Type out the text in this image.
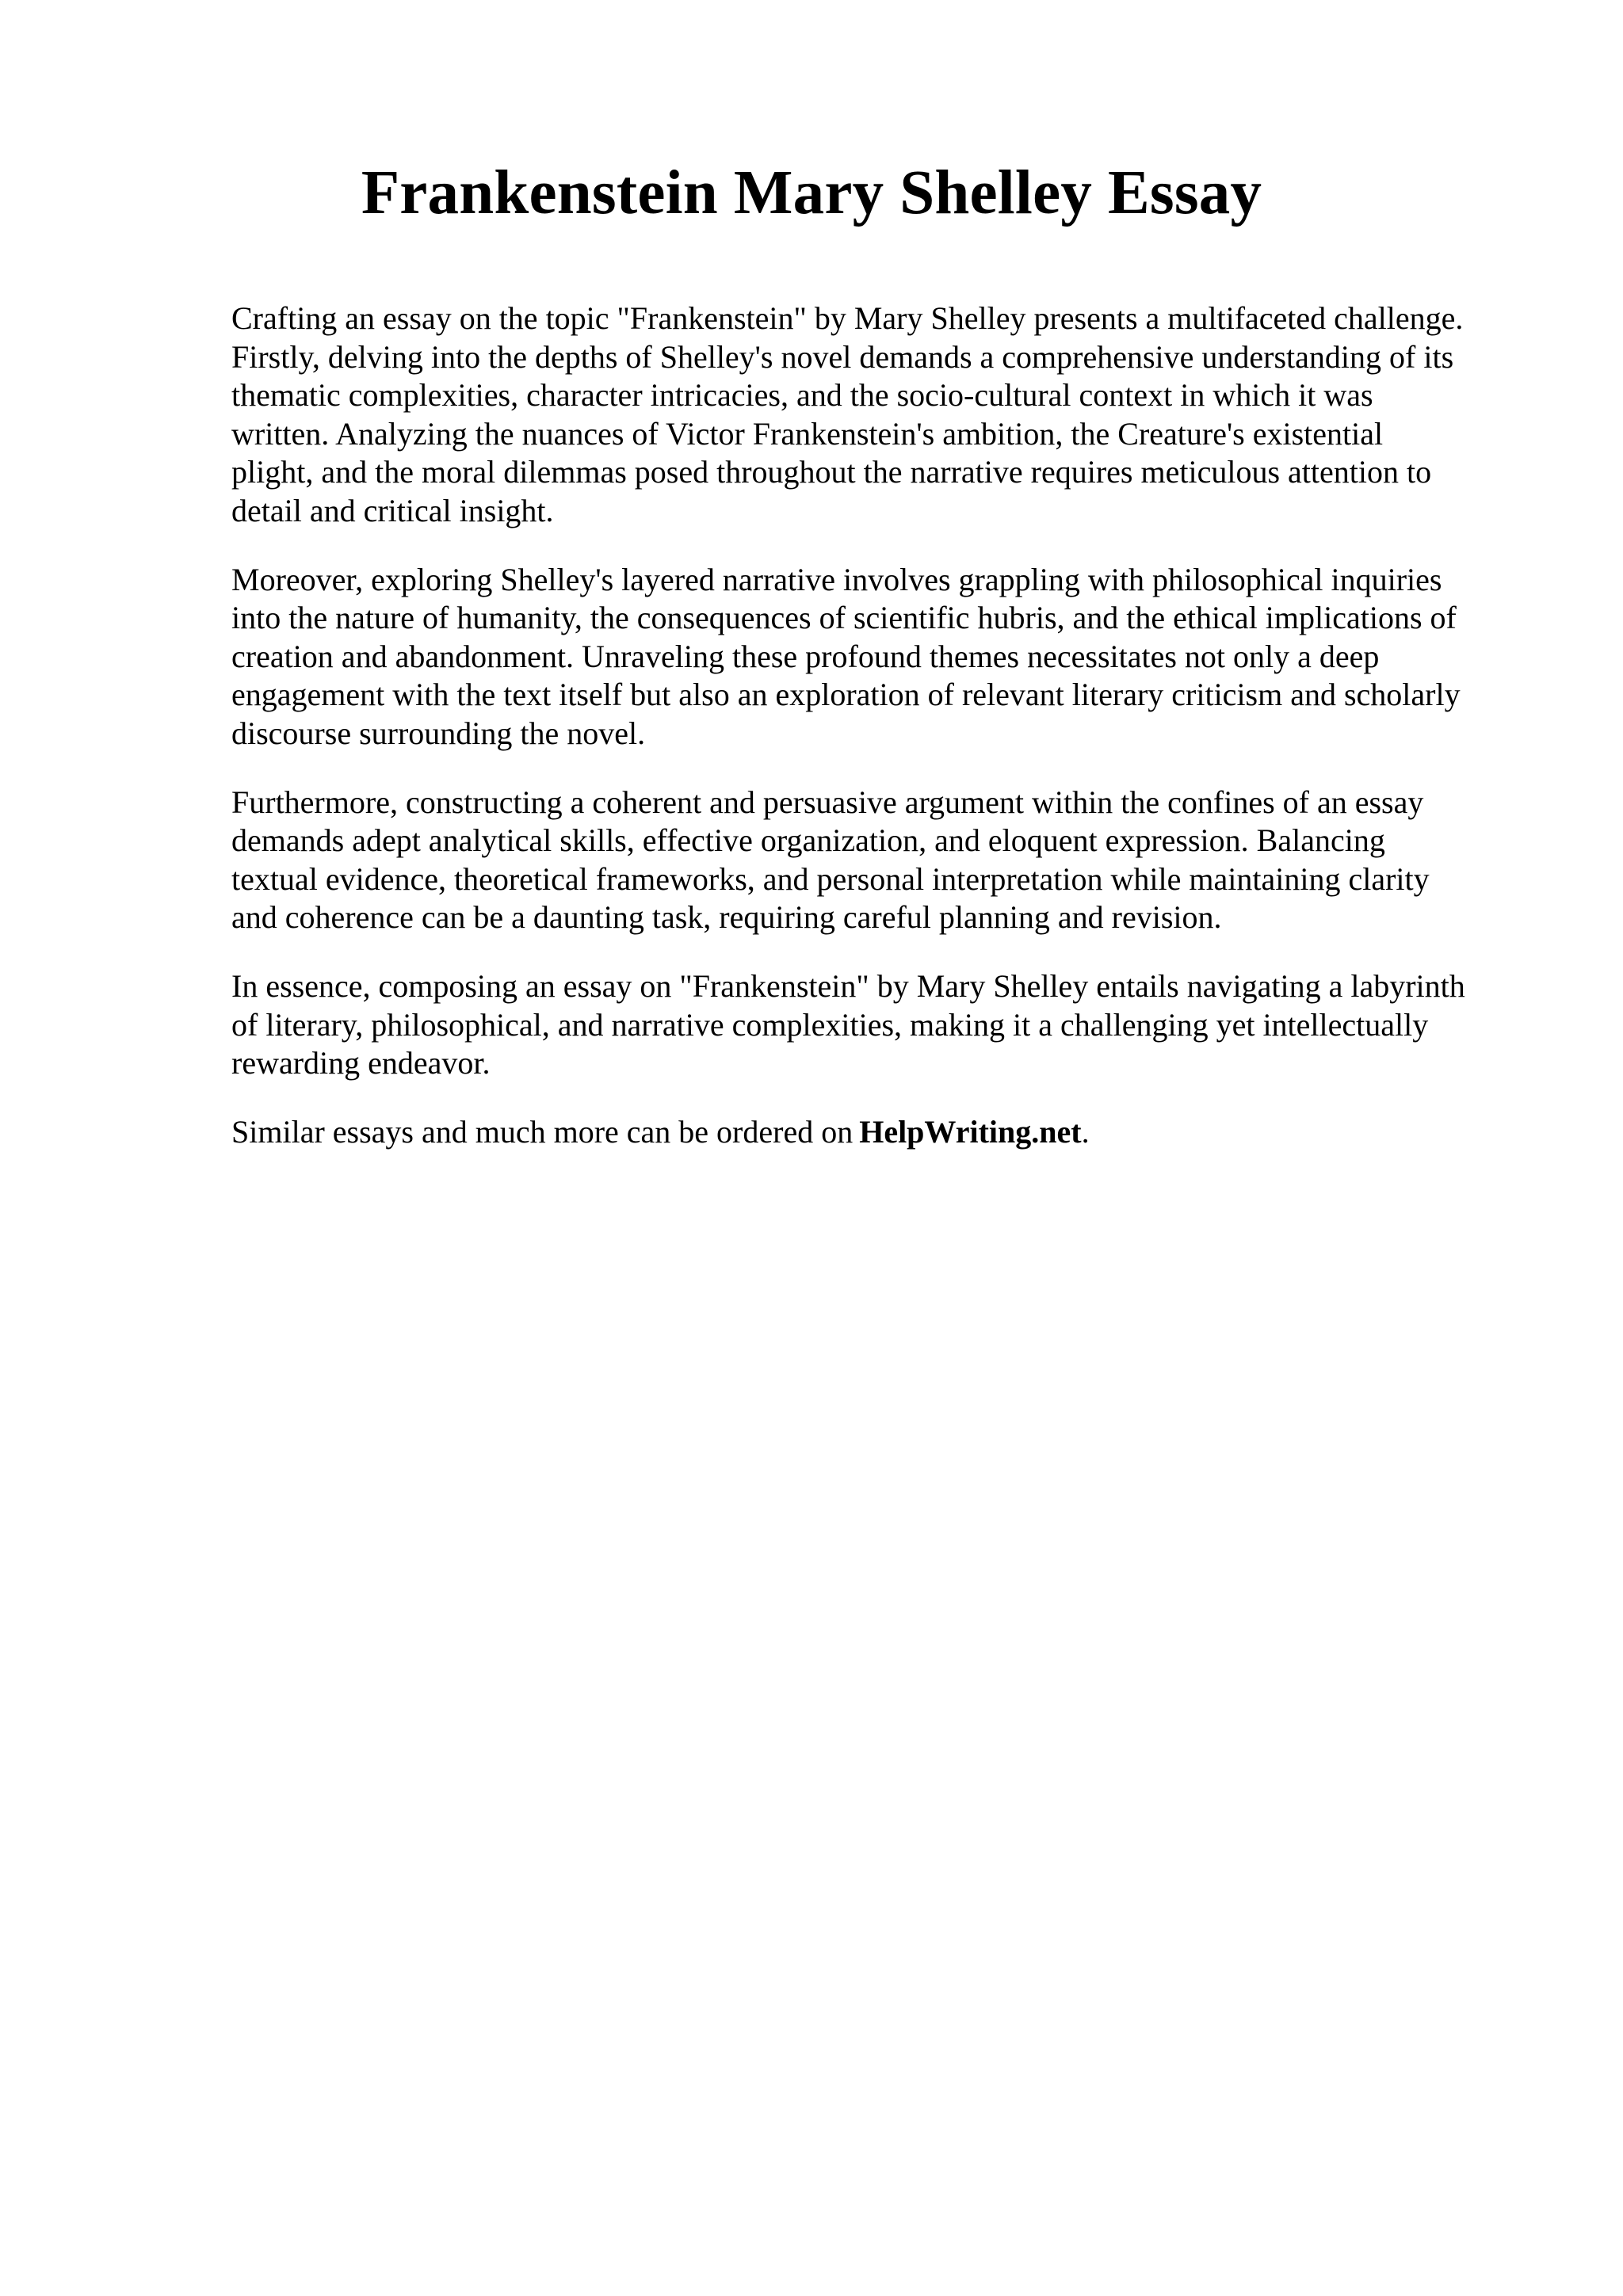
Frankenstein Mary Shelley Essay

Crafting an essay on the topic "Frankenstein" by Mary Shelley presents a multifaceted challenge.
Firstly, delving into the depths of Shelley's novel demands a comprehensive understanding of its
thematic complexities, character intricacies, and the socio-cultural context in which it was
written. Analyzing the nuances of Victor Frankenstein's ambition, the Creature's existential
plight, and the moral dilemmas posed throughout the narrative requires meticulous attention to
detail and critical insight.

Moreover, exploring Shelley's layered narrative involves grappling with philosophical inquiries
into the nature of humanity, the consequences of scientific hubris, and the ethical implications of
creation and abandonment. Unraveling these profound themes necessitates not only a deep
engagement with the text itself but also an exploration of relevant literary criticism and scholarly
discourse surrounding the novel.

Furthermore, constructing a coherent and persuasive argument within the confines of an essay
demands adept analytical skills, effective organization, and eloquent expression. Balancing
textual evidence, theoretical frameworks, and personal interpretation while maintaining clarity
and coherence can be a daunting task, requiring careful planning and revision.

In essence, composing an essay on "Frankenstein" by Mary Shelley entails navigating a labyrinth
of literary, philosophical, and narrative complexities, making it a challenging yet intellectually
rewarding endeavor.

Similar essays and much more can be ordered on HelpWriting.net.
